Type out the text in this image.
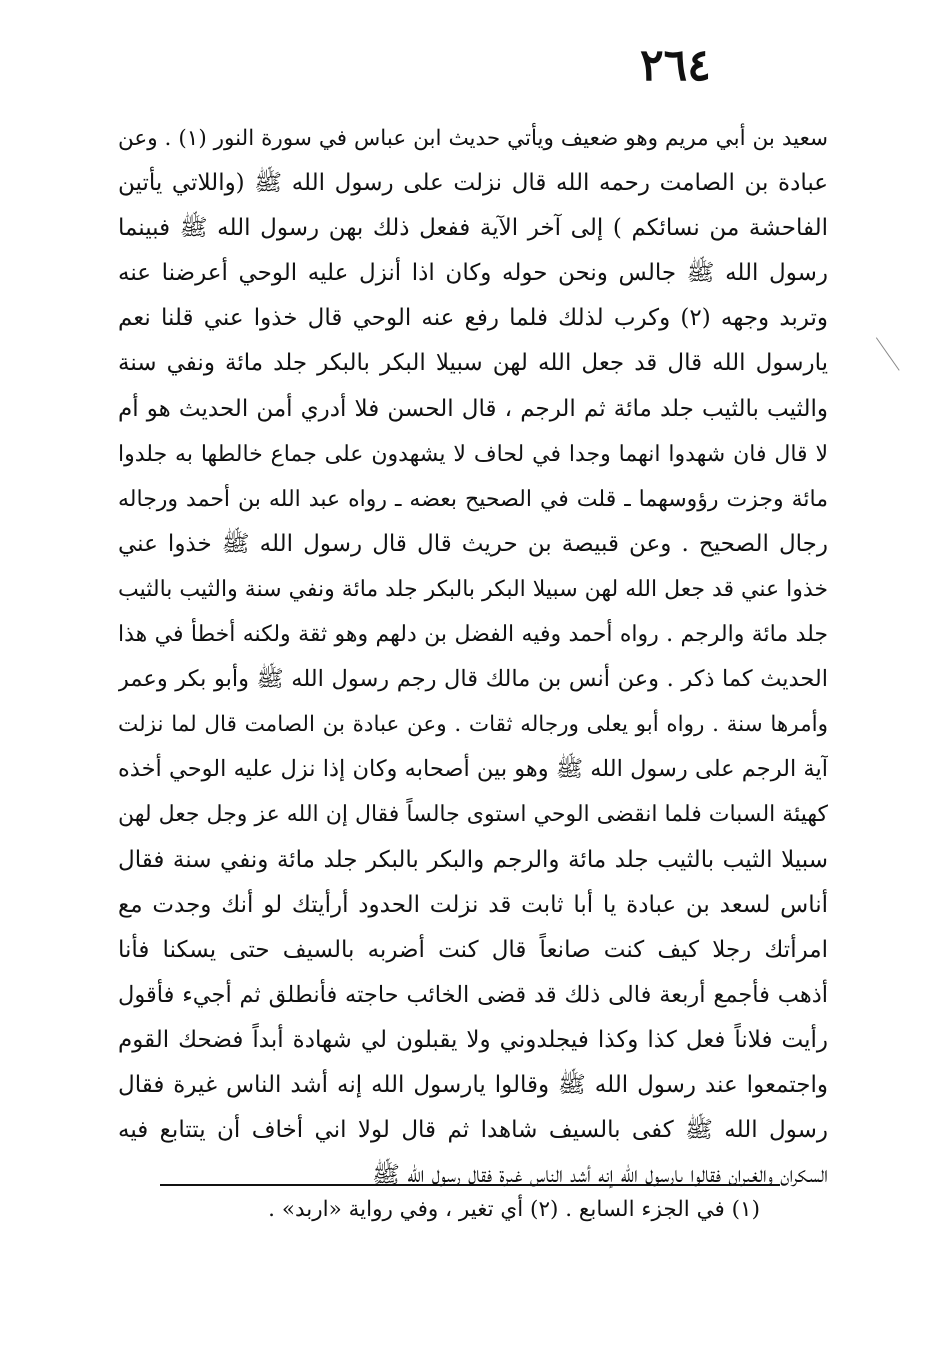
٢٦٤
سعيد بن أبي مريم وهو ضعيف ويأتي حديث ابن عباس في سورة النور (١) . وعن
عبادة بن الصامت رحمه الله قال نزلت على رسول الله ﷺ (واللاتي يأتين
الفاحشة من نسائكم ) إلى آخر الآية ففعل ذلك بهن رسول الله ﷺ فبينما
رسول الله ﷺ جالس ونحن حوله وكان اذا أنزل عليه الوحي أعرضنا عنه
وتربد وجهه (٢) وكرب لذلك فلما رفع عنه الوحي قال خذوا عني قلنا نعم
يارسول الله قال قد جعل الله لهن سبيلا البكر بالبكر جلد مائة ونفي سنة
والثيب بالثيب جلد مائة ثم الرجم ، قال الحسن فلا أدري أمن الحديث هو أم
لا قال فان شهدوا انهما وجدا في لحاف لا يشهدون على جماع خالطها به جلدوا
مائة وجزت رؤوسهما ـ قلت في الصحيح بعضه ـ رواه عبد الله بن أحمد ورجاله
رجال الصحيح . وعن قبيصة بن حريث قال قال رسول الله ﷺ خذوا عني
خذوا عني قد جعل الله لهن سبيلا البكر بالبكر جلد مائة ونفي سنة والثيب بالثيب
جلد مائة والرجم . رواه أحمد وفيه الفضل بن دلهم وهو ثقة ولكنه أخطأ في هذا
الحديث كما ذكر . وعن أنس بن مالك قال رجم رسول الله ﷺ وأبو بكر وعمر
وأمرها سنة . رواه أبو يعلى ورجاله ثقات . وعن عبادة بن الصامت قال لما نزلت
آية الرجم على رسول الله ﷺ وهو بين أصحابه وكان إذا نزل عليه الوحي أخذه
كهيئة السبات فلما انقضى الوحي استوى جالساً فقال إن الله عز وجل جعل لهن
سبيلا الثيب بالثيب جلد مائة والرجم والبكر بالبكر جلد مائة ونفي سنة فقال
أناس لسعد بن عبادة يا أبا ثابت قد نزلت الحدود أرأيتك لو أنك وجدت مع
امرأتك رجلا كيف كنت صانعاً قال كنت أضربه بالسيف حتى يسكنا فأنا
أذهب فأجمع أربعة فالى ذلك قد قضى الخائب حاجته فأنطلق ثم أجيء فأقول
رأيت فلاناً فعل كذا وكذا فيجلدوني ولا يقبلون لي شهادة أبداً فضحك القوم
واجتمعوا عند رسول الله ﷺ وقالوا يارسول الله إنه أشد الناس غيرة فقال
رسول الله ﷺ كفى بالسيف شاهدا ثم قال لولا اني أخاف أن يتتابع فيه
السكران والغيران فقالوا يارسول الله إنه أشد الناس غيرة فقال رسول الله ﷺ
(١) في الجزء السابع . (٢) أي تغير ، وفي رواية «اربد» .
